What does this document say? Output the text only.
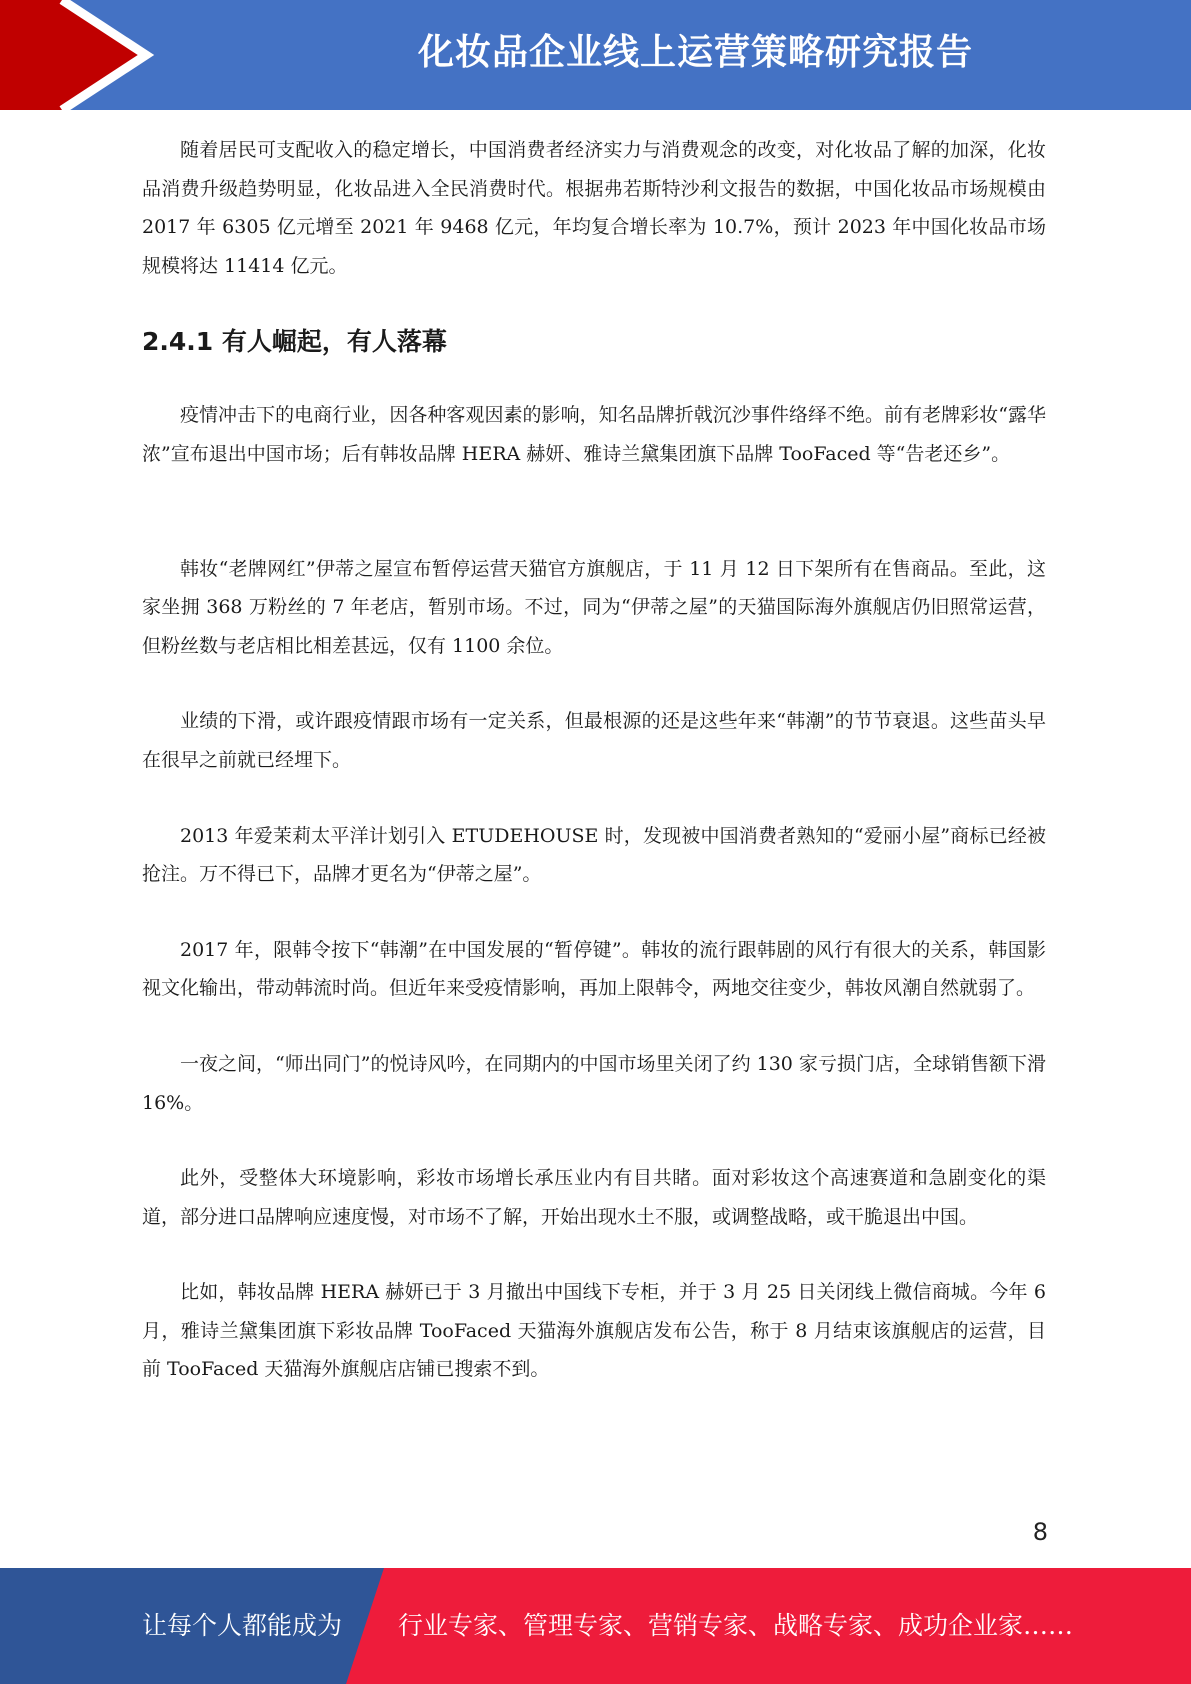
化妆品企业线上运营策略研究报告

随着居民可支配收入的稳定增长，中国消费者经济实力与消费观念的改变，对化妆品了解的加深，化妆品消费升级趋势明显，化妆品进入全民消费时代。根据弗若斯特沙利文报告的数据，中国化妆品市场规模由 2017 年 6305 亿元增至 2021 年 9468 亿元，年均复合增长率为 10.7%，预计 2023 年中国化妆品市场规模将达 11414 亿元。

2.4.1 有人崛起，有人落幕

疫情冲击下的电商行业，因各种客观因素的影响，知名品牌折戟沉沙事件络绎不绝。前有老牌彩妆“露华浓”宣布退出中国市场；后有韩妆品牌 HERA 赫妍、雅诗兰黛集团旗下品牌 TooFaced 等“告老还乡”。

韩妆“老牌网红”伊蒂之屋宣布暂停运营天猫官方旗舰店，于 11 月 12 日下架所有在售商品。至此，这家坐拥 368 万粉丝的 7 年老店，暂别市场。不过，同为“伊蒂之屋”的天猫国际海外旗舰店仍旧照常运营，但粉丝数与老店相比相差甚远，仅有 1100 余位。

业绩的下滑，或许跟疫情跟市场有一定关系，但最根源的还是这些年来“韩潮”的节节衰退。这些苗头早在很早之前就已经埋下。

2013 年爱茉莉太平洋计划引入 ETUDEHOUSE 时，发现被中国消费者熟知的“爱丽小屋”商标已经被抢注。万不得已下，品牌才更名为“伊蒂之屋”。

2017 年，限韩令按下“韩潮”在中国发展的“暂停键”。韩妆的流行跟韩剧的风行有很大的关系，韩国影视文化输出，带动韩流时尚。但近年来受疫情影响，再加上限韩令，两地交往变少，韩妆风潮自然就弱了。

一夜之间，“师出同门”的悦诗风吟，在同期内的中国市场里关闭了约 130 家亏损门店，全球销售额下滑 16%。

此外，受整体大环境影响，彩妆市场增长承压业内有目共睹。面对彩妆这个高速赛道和急剧变化的渠道，部分进口品牌响应速度慢，对市场不了解，开始出现水土不服，或调整战略，或干脆退出中国。

比如，韩妆品牌 HERA 赫妍已于 3 月撤出中国线下专柜，并于 3 月 25 日关闭线上微信商城。今年 6 月，雅诗兰黛集团旗下彩妆品牌 TooFaced 天猫海外旗舰店发布公告，称于 8 月结束该旗舰店的运营，目前 TooFaced 天猫海外旗舰店店铺已搜索不到。

8
让每个人都能成为 行业专家、管理专家、营销专家、战略专家、成功企业家……
